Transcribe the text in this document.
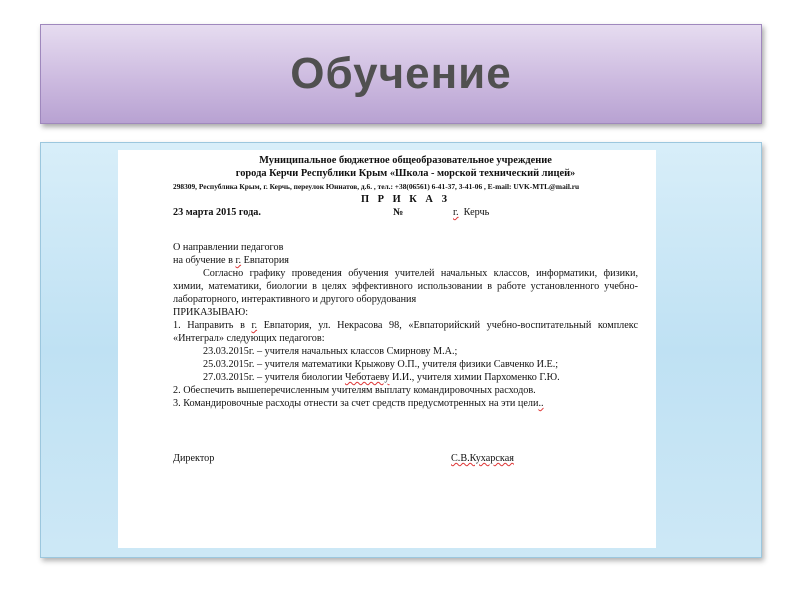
Обучение

Муниципальное бюджетное общеобразовательное учреждение

города Керчи Республики Крым «Школа - морской технический лицей»

298309, Республика Крым, г. Керчь, переулок Юннатов, д.6. , тел.: +38(06561) 6-41-37, 3-41-06 , E-mail: UVK-MTL@mail.ru

П Р И К А З

23 марта 2015 года.	№	г. Керчь

О направлении педагогов

на обучение в г. Евпатория

Согласно графику проведения обучения учителей начальных классов, информатики, физики, химии, математики, биологии в целях эффективного использовании в работе установленного учебно-лабораторного, интерактивного и другого оборудования

ПРИКАЗЫВАЮ:

1. Направить в г. Евпатория, ул. Некрасова 98, «Евпаторийский учебно-воспитательный комплекс «Интеграл» следующих педагогов:

23.03.2015г. – учителя начальных классов Смирнову М.А.;

25.03.2015г. – учителя математики Крыжову О.П., учителя физики Савченко И.Е.;

27.03.2015г. – учителя биологии Чеботаеву И.И., учителя химии Пархоменко Г.Ю.

2. Обеспечить вышеперечисленным учителям выплату командировочных расходов.

3. Командировочные расходы отнести за счет средств предусмотренных на эти цели..

Директор	С.В.Кухарская
